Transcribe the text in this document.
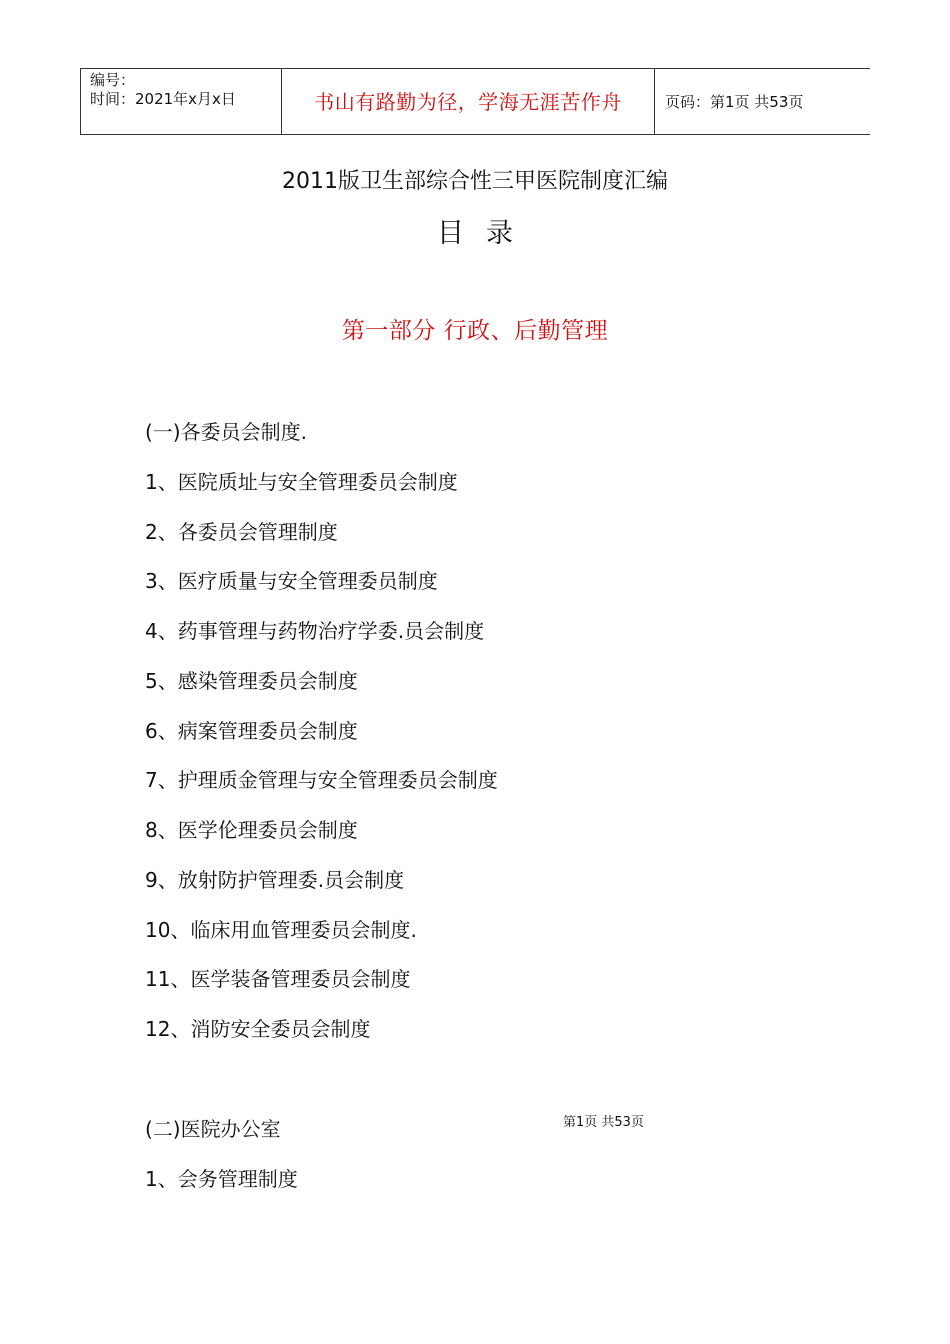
编号：
时间：2021年x月x日	书山有路勤为径，学海无涯苦作舟	页码：第1页 共53页
2011版卫生部综合性三甲医院制度汇编
目录
第一部分 行政、后勤管理
(一)各委员会制度.
1、医院质址与安全管理委员会制度
2、各委员会管理制度
3、医疗质量与安全管理委员制度
4、药事管理与药物治疗学委.员会制度
5、感染管理委员会制度
6、病案管理委员会制度
7、护理质金管理与安全管理委员会制度
8、医学伦理委员会制度
9、放射防护管理委.员会制度
10、临床用血管理委员会制度.
11、医学装备管理委员会制度
12、消防安全委员会制度
(二)医院办公室
1、会务管理制度
第1页 共53页
